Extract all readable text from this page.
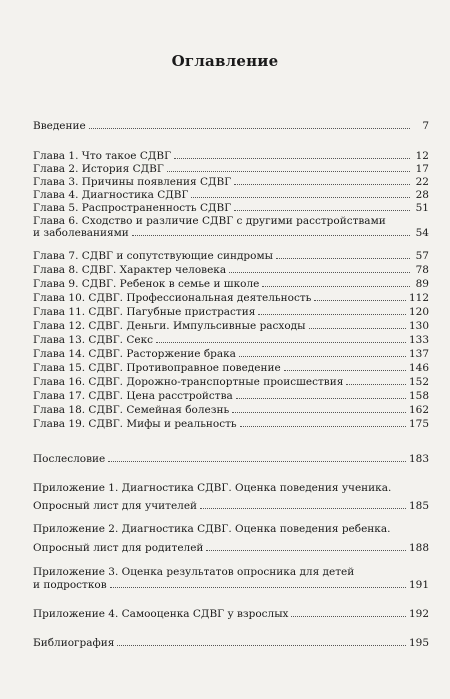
Оглавление
Введение	7
Глава 1. Что такое СДВГ	12
Глава 2. История СДВГ	17
Глава 3. Причины появления СДВГ	22
Глава 4. Диагностика СДВГ	28
Глава 5. Распространенность СДВГ	51
Глава 6. Сходство и различие СДВГ с другими расстройствами
и заболеваниями	54
Глава 7. СДВГ и сопутствующие синдромы	57
Глава 8. СДВГ. Характер человека	78
Глава 9. СДВГ. Ребенок в семье и школе	89
Глава 10. СДВГ. Профессиональная деятельность	112
Глава 11. СДВГ. Пагубные пристрастия	120
Глава 12. СДВГ. Деньги. Импульсивные расходы	130
Глава 13. СДВГ. Секс	133
Глава 14. СДВГ. Расторжение брака	137
Глава 15. СДВГ. Противоправное поведение	146
Глава 16. СДВГ. Дорожно-транспортные происшествия	152
Глава 17. СДВГ. Цена расстройства	158
Глава 18. СДВГ. Семейная болезнь	162
Глава 19. СДВГ. Мифы и реальность	175
Послесловие	183
Приложение 1. Диагностика СДВГ. Оценка поведения ученика.
Опросный лист для учителей	185
Приложение 2. Диагностика СДВГ. Оценка поведения ребенка.
Опросный лист для родителей	188
Приложение 3. Оценка результатов опросника для детей
и подростков	191
Приложение 4. Самооценка СДВГ у взрослых	192
Библиография	195
